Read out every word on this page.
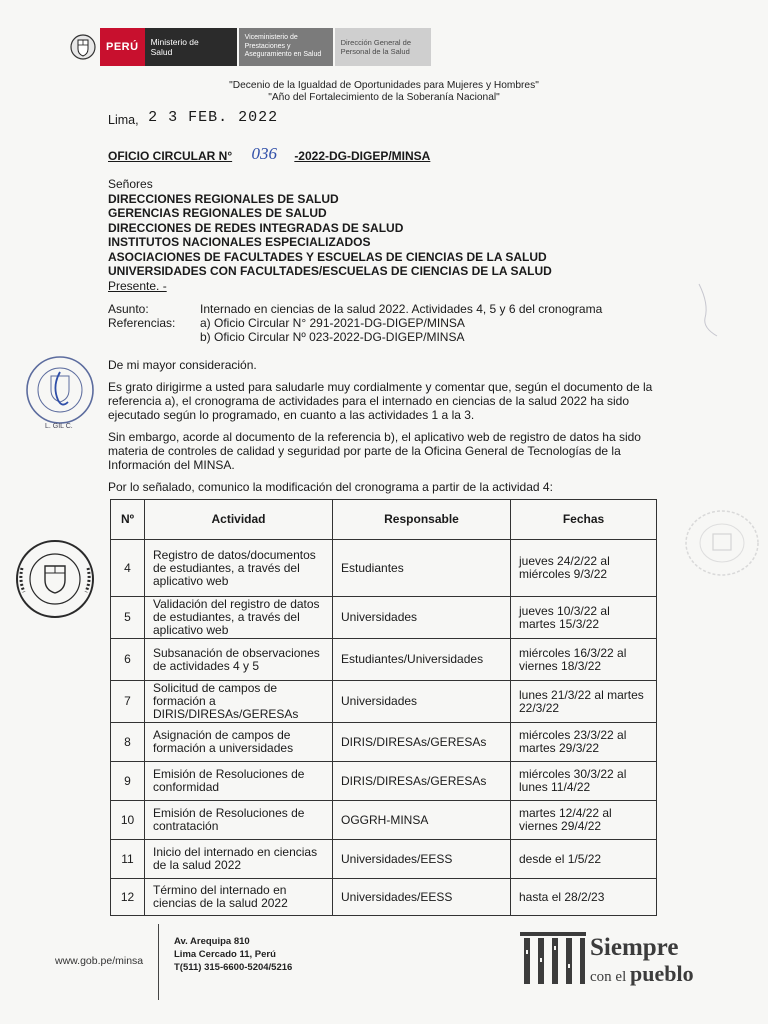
PERÚ	Ministerio de Salud
Viceministerio de Prestaciones y Aseguramiento en Salud
Dirección General de Personal de la Salud
"Decenio de la Igualdad de Oportunidades para Mujeres y Hombres"
"Año del Fortalecimiento de la Soberanía Nacional"
Lima, 2 3 FEB. 2022
OFICIO CIRCULAR N° 036 -2022-DG-DIGEP/MINSA
Señores
DIRECCIONES REGIONALES DE SALUD
GERENCIAS REGIONALES DE SALUD
DIRECCIONES DE REDES INTEGRADAS DE SALUD
INSTITUTOS NACIONALES ESPECIALIZADOS
ASOCIACIONES DE FACULTADES Y ESCUELAS DE CIENCIAS DE LA SALUD
UNIVERSIDADES CON FACULTADES/ESCUELAS DE CIENCIAS DE LA SALUD
Presente. -
Asunto:	Internado en ciencias de la salud 2022. Actividades 4, 5 y 6 del cronograma
Referencias:	a) Oficio Circular N° 291-2021-DG-DIGEP/MINSA
	b) Oficio Circular Nº 023-2022-DG-DIGEP/MINSA

De mi mayor consideración.

Es grato dirigirme a usted para saludarle muy cordialmente y comentar que, según el documento de la referencia a), el cronograma de actividades para el internado en ciencias de la salud 2022 ha sido ejecutado según lo programado, en cuanto a las actividades 1 a la 3.

Sin embargo, acorde al documento de la referencia b), el aplicativo web de registro de datos ha sido materia de controles de calidad y seguridad por parte de la Oficina General de Tecnologías de la Información del MINSA.

Por lo señalado, comunico la modificación del cronograma a partir de la actividad 4:

Nº	Actividad	Responsable	Fechas
4	Registro de datos/documentos de estudiantes, a través del aplicativo web	Estudiantes	jueves 24/2/22 al miércoles 9/3/22
5	Validación del registro de datos de estudiantes, a través del aplicativo web	Universidades	jueves 10/3/22 al martes 15/3/22
6	Subsanación de observaciones de actividades 4 y 5	Estudiantes/Universidades	miércoles 16/3/22 al viernes 18/3/22
7	Solicitud de campos de formación a DIRIS/DIRESAs/GERESAs	Universidades	lunes 21/3/22 al martes 22/3/22
8	Asignación de campos de formación a universidades	DIRIS/DIRESAs/GERESAs	miércoles 23/3/22 al martes 29/3/22
9	Emisión de Resoluciones de conformidad	DIRIS/DIRESAs/GERESAs	miércoles 30/3/22 al lunes 11/4/22
10	Emisión de Resoluciones de contratación	OGGRH-MINSA	martes 12/4/22 al viernes 29/4/22
11	Inicio del internado en ciencias de la salud 2022	Universidades/EESS	desde el 1/5/22
12	Término del internado en ciencias de la salud 2022	Universidades/EESS	hasta el 28/2/23
L. GIL C.
www.gob.pe/minsa
Av. Arequipa 810
Lima Cercado 11, Perú
T(511) 315-6600-5204/5216
Siempre
con el pueblo
